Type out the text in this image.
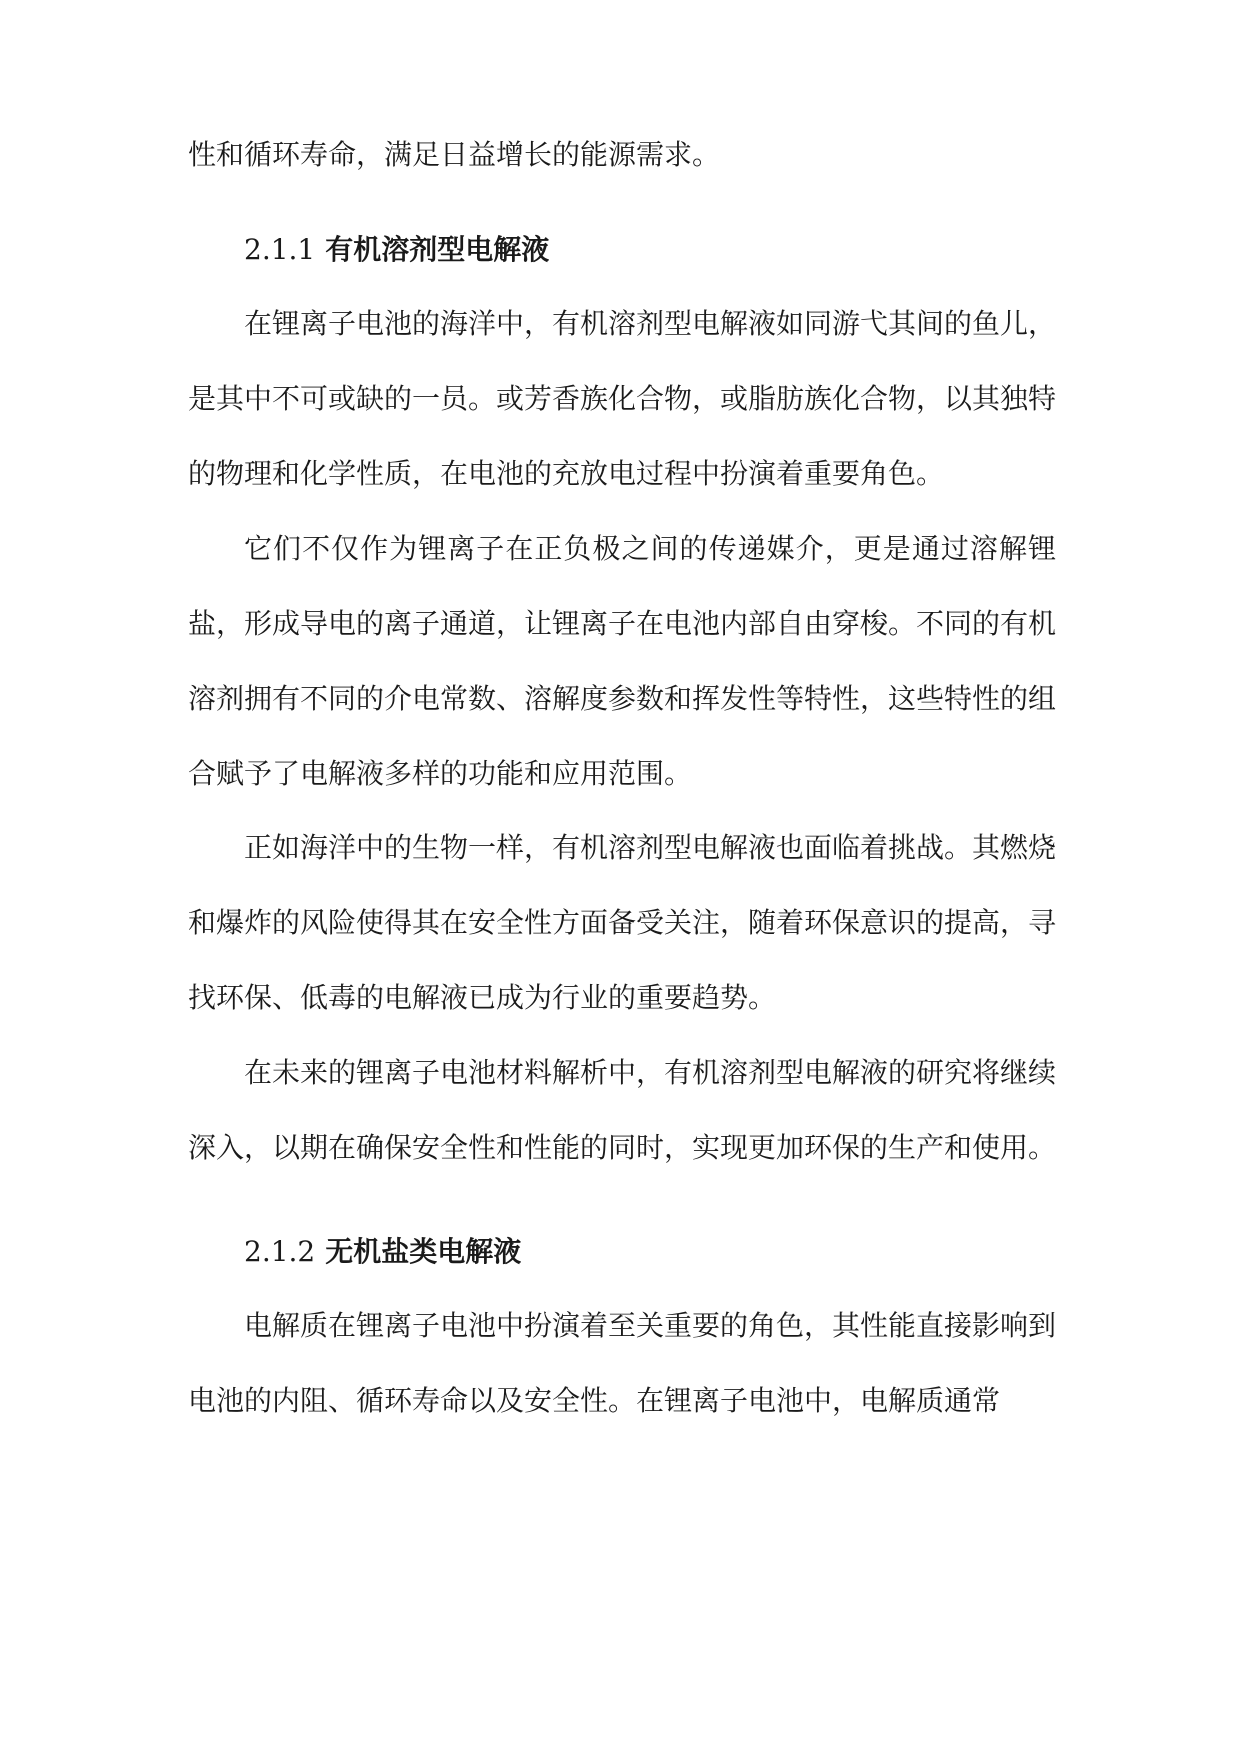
性和循环寿命，满足日益增长的能源需求。

2.1.1 有机溶剂型电解液

在锂离子电池的海洋中，有机溶剂型电解液如同游弋其间的鱼儿，是其中不可或缺的一员。或芳香族化合物，或脂肪族化合物，以其独特的物理和化学性质，在电池的充放电过程中扮演着重要角色。

它们不仅作为锂离子在正负极之间的传递媒介，更是通过溶解锂盐，形成导电的离子通道，让锂离子在电池内部自由穿梭。不同的有机溶剂拥有不同的介电常数、溶解度参数和挥发性等特性，这些特性的组合赋予了电解液多样的功能和应用范围。

正如海洋中的生物一样，有机溶剂型电解液也面临着挑战。其燃烧和爆炸的风险使得其在安全性方面备受关注，随着环保意识的提高，寻找环保、低毒的电解液已成为行业的重要趋势。

在未来的锂离子电池材料解析中，有机溶剂型电解液的研究将继续深入，以期在确保安全性和性能的同时，实现更加环保的生产和使用。

2.1.2 无机盐类电解液

电解质在锂离子电池中扮演着至关重要的角色，其性能直接影响到电池的内阻、循环寿命以及安全性。在锂离子电池中，电解质通常
